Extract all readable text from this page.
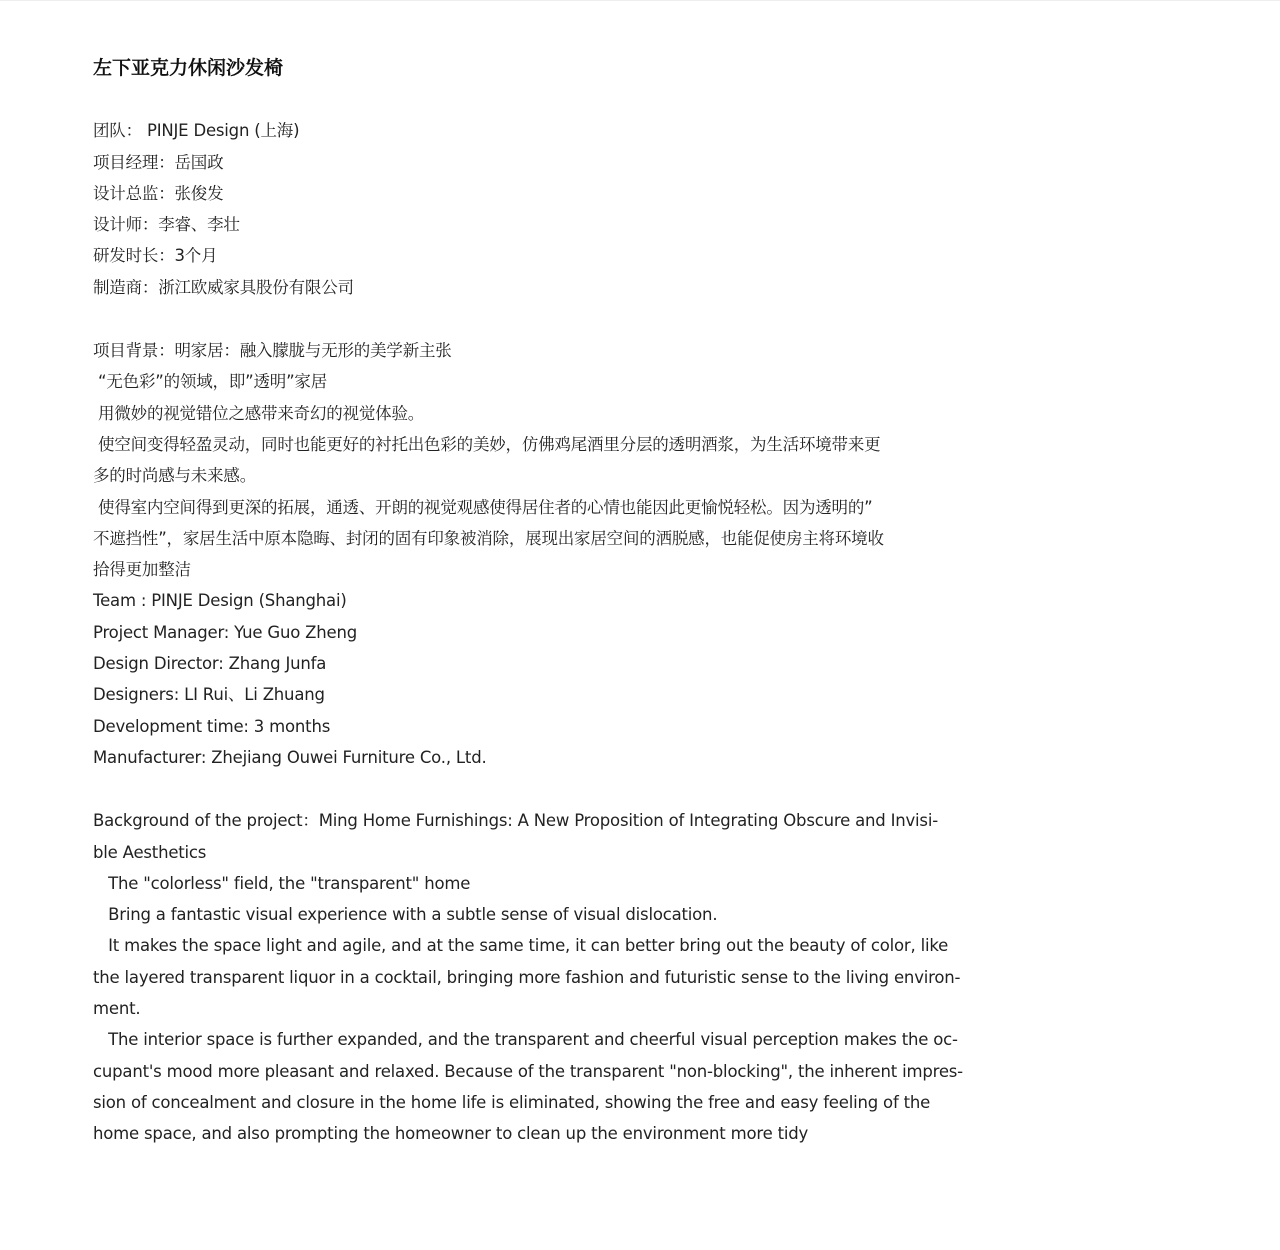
左下亚克力休闲沙发椅
团队： PINJE Design (上海)
项目经理：岳国政
设计总监：张俊发
设计师：李睿、李壮
研发时长：3个月
制造商：浙江欧威家具股份有限公司
项目背景：明家居：融入朦胧与无形的美学新主张
“无色彩”的领域，即”透明”家居
用微妙的视觉错位之感带来奇幻的视觉体验。
使空间变得轻盈灵动，同时也能更好的衬托出色彩的美妙，仿佛鸡尾酒里分层的透明酒浆，为生活环境带来更
多的时尚感与未来感。
使得室内空间得到更深的拓展，通透、开朗的视觉观感使得居住者的心情也能因此更愉悦轻松。因为透明的”
不遮挡性”，家居生活中原本隐晦、封闭的固有印象被消除，展现出家居空间的洒脱感，也能促使房主将环境收
拾得更加整洁
Team : PINJE Design (Shanghai)
Project Manager: Yue Guo Zheng
Design Director: Zhang Junfa
Designers: LI Rui、Li Zhuang
Development time: 3 months
Manufacturer: Zhejiang Ouwei Furniture Co., Ltd.
Background of the project：Ming Home Furnishings: A New Proposition of Integrating Obscure and Invisi-
ble Aesthetics
The "colorless" field, the "transparent" home
Bring a fantastic visual experience with a subtle sense of visual dislocation.
It makes the space light and agile, and at the same time, it can better bring out the beauty of color, like
the layered transparent liquor in a cocktail, bringing more fashion and futuristic sense to the living environ-
ment.
The interior space is further expanded, and the transparent and cheerful visual perception makes the oc-
cupant's mood more pleasant and relaxed. Because of the transparent "non-blocking", the inherent impres-
sion of concealment and closure in the home life is eliminated, showing the free and easy feeling of the
home space, and also prompting the homeowner to clean up the environment more tidy
